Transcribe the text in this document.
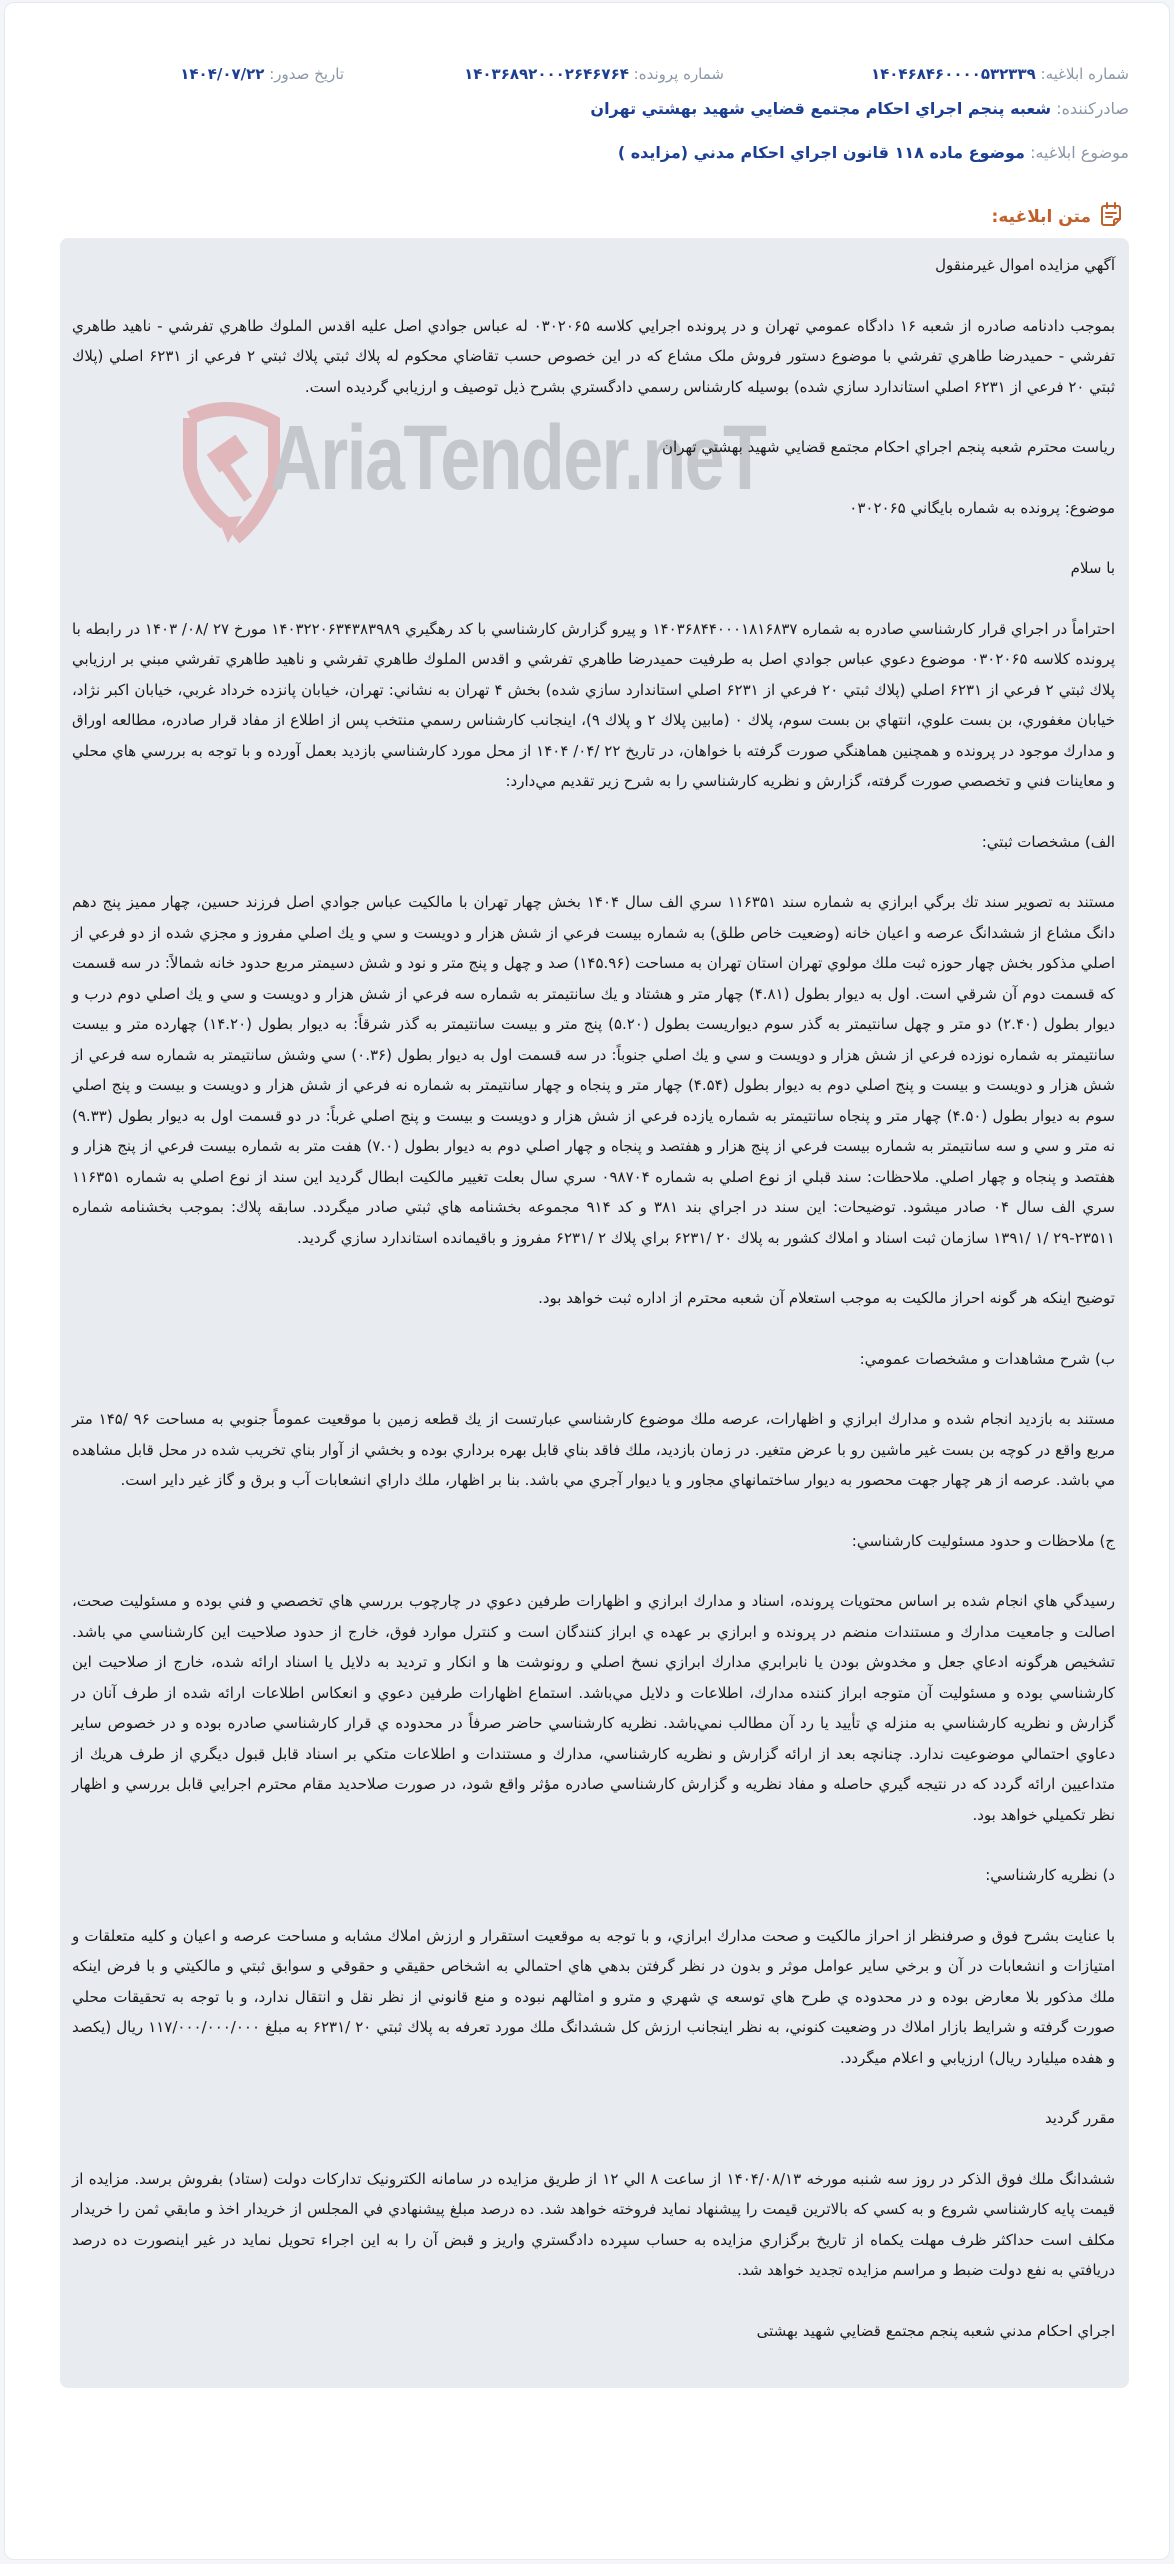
شماره ابلاغيه: ۱۴۰۴۶۸۴۶۰۰۰۰۵۳۲۳۳۹
شماره پرونده: ۱۴۰۳۶۸۹۲۰۰۰۲۶۴۶۷۶۴
تاريخ صدور: ۱۴۰۴/۰۷/۲۲
صادرکننده: شعبه پنجم اجراي احكام مجتمع قضايي شهيد بهشتي تهران
موضوع ابلاغيه: موضوع ماده ۱۱۸ قانون اجراي احكام مدني (مزايده )
متن ابلاغيه:
AriaTender.neT

آگهي مزايده اموال غيرمنقول

بموجب دادنامه صادره از شعبه ۱۶ دادگاه عمومي تهران و در پرونده اجرايي كلاسه ۰۳۰۲۰۶۵ له عباس جوادي اصل عليه اقدس الملوك طاهري تفرشي - ناهيد طاهري تفرشي - حميدرضا طاهري تفرشي با موضوع دستور فروش ملک مشاع كه در اين خصوص حسب تقاضاي محكوم له پلاك ثبتي پلاك ثبتي ۲ فرعي از ۶۲۳۱ اصلي (پلاك ثبتي ۲۰ فرعي از ۶۲۳۱ اصلي استاندارد سازي شده) بوسيله كارشناس رسمي دادگستري بشرح ذيل توصيف و ارزيابي گرديده است.

رياست محترم شعبه پنجم اجراي احكام مجتمع قضايي شهيد بهشتي تهران

موضوع: پرونده به شماره بايگاني ۰۳۰۲۰۶۵

با سلام

احتراماً در اجراي قرار كارشناسي صادره به شماره ۱۴۰۳۶۸۴۴۰۰۰۱۸۱۶۸۳۷ و پيرو گزارش كارشناسي با كد رهگيري ۱۴۰۳۲۲۰۶۳۴۳۸۳۹۸۹ مورخ ۲۷ /۰۸/ ۱۴۰۳ در رابطه با پرونده كلاسه ۰۳۰۲۰۶۵ موضوع دعوي عباس جوادي اصل به طرفيت حميدرضا طاهري تفرشي و اقدس الملوك طاهري تفرشي و ناهيد طاهري تفرشي مبني بر ارزيابي پلاك ثبتي ۲ فرعي از ۶۲۳۱ اصلي (پلاك ثبتي ۲۰ فرعي از ۶۲۳۱ اصلي استاندارد سازي شده) بخش ۴ تهران به نشاني: تهران، خيابان پانزده خرداد غربي، خيابان اكبر نژاد، خيابان مغفوري، بن بست علوي، انتهاي بن بست سوم، پلاك ۰ (مابين پلاك ۲ و پلاك ۹)، اينجانب كارشناس رسمي منتخب پس از اطلاع از مفاد قرار صادره، مطالعه اوراق و مدارك موجود در پرونده و همچنين هماهنگي صورت گرفته با خواهان، در تاريخ ۲۲ /۰۴/ ۱۴۰۴ از محل مورد كارشناسي بازديد بعمل آورده و با توجه به بررسي هاي محلي و معاينات فني و تخصصي صورت گرفته، گزارش و نظريه كارشناسي را به شرح زير تقديم مي‌دارد:

الف) مشخصات ثبتي:

مستند به تصوير سند تك برگي ابرازي به شماره سند ۱۱۶۳۵۱ سري الف سال ۱۴۰۴ بخش چهار تهران با مالكيت عباس جوادي اصل فرزند حسين، چهار مميز پنج دهم دانگ مشاع از ششدانگ عرصه و اعيان خانه (وضعيت خاص طلق) به شماره بيست فرعي از شش هزار و دويست و سي و يك اصلي مفروز و مجزي شده از دو فرعي از اصلي مذكور بخش چهار حوزه ثبت ملك مولوي تهران استان تهران به مساحت (۱۴۵.۹۶) صد و چهل و پنج متر و نود و شش دسيمتر مربع حدود خانه شمالاً: در سه قسمت كه قسمت دوم آن شرقي است. اول به ديوار بطول (۴.۸۱) چهار متر و هشتاد و يك سانتيمتر به شماره سه فرعي از شش هزار و دويست و سي و يك اصلي دوم درب و ديوار بطول (۲.۴۰) دو متر و چهل سانتيمتر به گذر سوم ديواريست بطول (۵.۲۰) پنج متر و بيست سانتيمتر به گذر شرقاً: به ديوار بطول (۱۴.۲۰) چهارده متر و بيست سانتيمتر به شماره نوزده فرعي از شش هزار و دويست و سي و يك اصلي جنوباً: در سه قسمت اول به ديوار بطول (۰.۳۶) سي وشش سانتيمتر به شماره سه فرعي از شش هزار و دويست و بيست و پنج اصلي دوم به ديوار بطول (۴.۵۴) چهار متر و پنجاه و چهار سانتيمتر به شماره نه فرعي از شش هزار و دويست و بيست و پنج اصلي سوم به ديوار بطول (۴.۵۰) چهار متر و پنجاه سانتيمتر به شماره يازده فرعي از شش هزار و دويست و بيست و پنج اصلي غرباً: در دو قسمت اول به ديوار بطول (۹.۳۳) نه متر و سي و سه سانتيمتر به شماره بيست فرعي از پنج هزار و هفتصد و پنجاه و چهار اصلي دوم به ديوار بطول (۷.۰) هفت متر به شماره بيست فرعي از پنج هزار و هفتصد و پنجاه و چهار اصلي. ملاحظات: سند قبلي از نوع اصلي به شماره ۰۹۸۷۰۴ سري سال بعلت تغيير مالكيت ابطال گرديد اين سند از نوع اصلي به شماره ۱۱۶۳۵۱ سري الف سال ۰۴ صادر ميشود. توضيحات: اين سند در اجراي بند ۳۸۱ و كد ۹۱۴ مجموعه بخشنامه هاي ثبتي صادر ميگردد. سابقه پلاك: بموجب بخشنامه شماره ۲۳۵۱۱-۲۹ /۱ /۱۳۹۱ سازمان ثبت اسناد و املاك كشور به پلاك ۲۰ /۶۲۳۱ براي پلاك ۲ /۶۲۳۱ مفروز و باقيمانده استاندارد سازي گرديد.

توضيح اينكه هر گونه احراز مالكيت به موجب استعلام آن شعبه محترم از اداره ثبت خواهد بود.

ب) شرح مشاهدات و مشخصات عمومي:

مستند به بازديد انجام شده و مدارك ابرازي و اظهارات، عرصه ملك موضوع كارشناسي عبارتست از يك قطعه زمين با موقعيت عموماً جنوبي به مساحت ۹۶ /۱۴۵ متر مربع واقع در كوچه بن بست غير ماشين رو با عرض متغير. در زمان بازديد، ملك فاقد بناي قابل بهره برداري بوده و بخشي از آوار بناي تخريب شده در محل قابل مشاهده مي باشد. عرصه از هر چهار جهت محصور به ديوار ساختمانهاي مجاور و يا ديوار آجري مي باشد. بنا بر اظهار، ملك داراي انشعابات آب و برق و گاز غير داير است.

ج) ملاحظات و حدود مسئوليت كارشناسي:

رسيدگي هاي انجام شده بر اساس محتويات پرونده، اسناد و مدارك ابرازي و اظهارات طرفين دعوي در چارچوب بررسي هاي تخصصي و فني بوده و مسئوليت صحت، اصالت و جامعيت مدارك و مستندات منضم در پرونده و ابرازي بر عهده ي ابراز كنندگان است و كنترل موارد فوق، خارج از حدود صلاحيت اين كارشناسي مي باشد. تشخيص هرگونه ادعاي جعل و مخدوش بودن يا نابرابري مدارك ابرازي نسخ اصلي و رونوشت ها و انكار و ترديد به دلايل يا اسناد ارائه شده، خارج از صلاحيت اين كارشناسي بوده و مسئوليت آن متوجه ابراز كننده مدارك، اطلاعات و دلايل مي‌باشد. استماع اظهارات طرفين دعوي و انعكاس اطلاعات ارائه شده از طرف آنان در گزارش و نظريه كارشناسي به منزله ي تأييد يا رد آن مطالب نمي‌باشد. نظريه كارشناسي حاضر صرفاً در محدوده ي قرار كارشناسي صادره بوده و در خصوص ساير دعاوي احتمالي موضوعيت ندارد. چنانچه بعد از ارائه گزارش و نظريه كارشناسي، مدارك و مستندات و اطلاعات متكي بر اسناد قابل قبول ديگري از طرف هريك از متداعيين ارائه گردد كه در نتيجه گيري حاصله و مفاد نظريه و گزارش كارشناسي صادره مؤثر واقع شود، در صورت صلاحديد مقام محترم اجرايي قابل بررسي و اظهار نظر تكميلي خواهد بود.

د) نظريه كارشناسي:

با عنايت بشرح فوق و صرفنظر از احراز مالكيت و صحت مدارك ابرازي، و با توجه به موقعيت استقرار و ارزش املاك مشابه و مساحت عرصه و اعيان و كليه متعلقات و امتيازات و انشعابات در آن و برخي ساير عوامل موثر و بدون در نظر گرفتن بدهي هاي احتمالي به اشخاص حقيقي و حقوقي و سوابق ثبتي و مالكيتي و با فرض اينكه ملك مذكور بلا معارض بوده و در محدوده ي طرح هاي توسعه ي شهري و مترو و امثالهم نبوده و منع قانوني از نظر نقل و انتقال ندارد، و با توجه به تحقيقات محلي صورت گرفته و شرايط بازار املاك در وضعيت كنوني، به نظر اينجانب ارزش كل ششدانگ ملك مورد تعرفه به پلاك ثبتي ۲۰ /۶۲۳۱ به مبلغ ۱۱۷/۰۰۰/۰۰۰/۰۰۰ ريال (يكصد و هفده ميليارد ريال) ارزيابي و اعلام ميگردد.

مقرر گرديد

ششدانگ ملك فوق الذكر در روز سه شنبه مورخه ۱۴۰۴/۰۸/۱۳ از ساعت ۸ الي ۱۲ از طريق مزايده در سامانه الکترونیک تداركات دولت (ستاد) بفروش برسد. مزايده از قيمت پايه كارشناسي شروع و به كسي كه بالاترين قيمت را پيشنهاد نمايد فروخته خواهد شد. ده درصد مبلغ پيشنهادي في المجلس از خريدار اخذ و مابقي ثمن را خريدار مكلف است حداكثر ظرف مهلت يكماه از تاريخ برگزاري مزايده به حساب سپرده دادگستري واريز و قبض آن را به اين اجراء تحويل نمايد در غير اينصورت ده درصد دريافتي به نفع دولت ضبط و مراسم مزايده تجديد خواهد شد.

اجراي احكام مدني شعبه پنجم مجتمع قضايي شهيد بهشتی
